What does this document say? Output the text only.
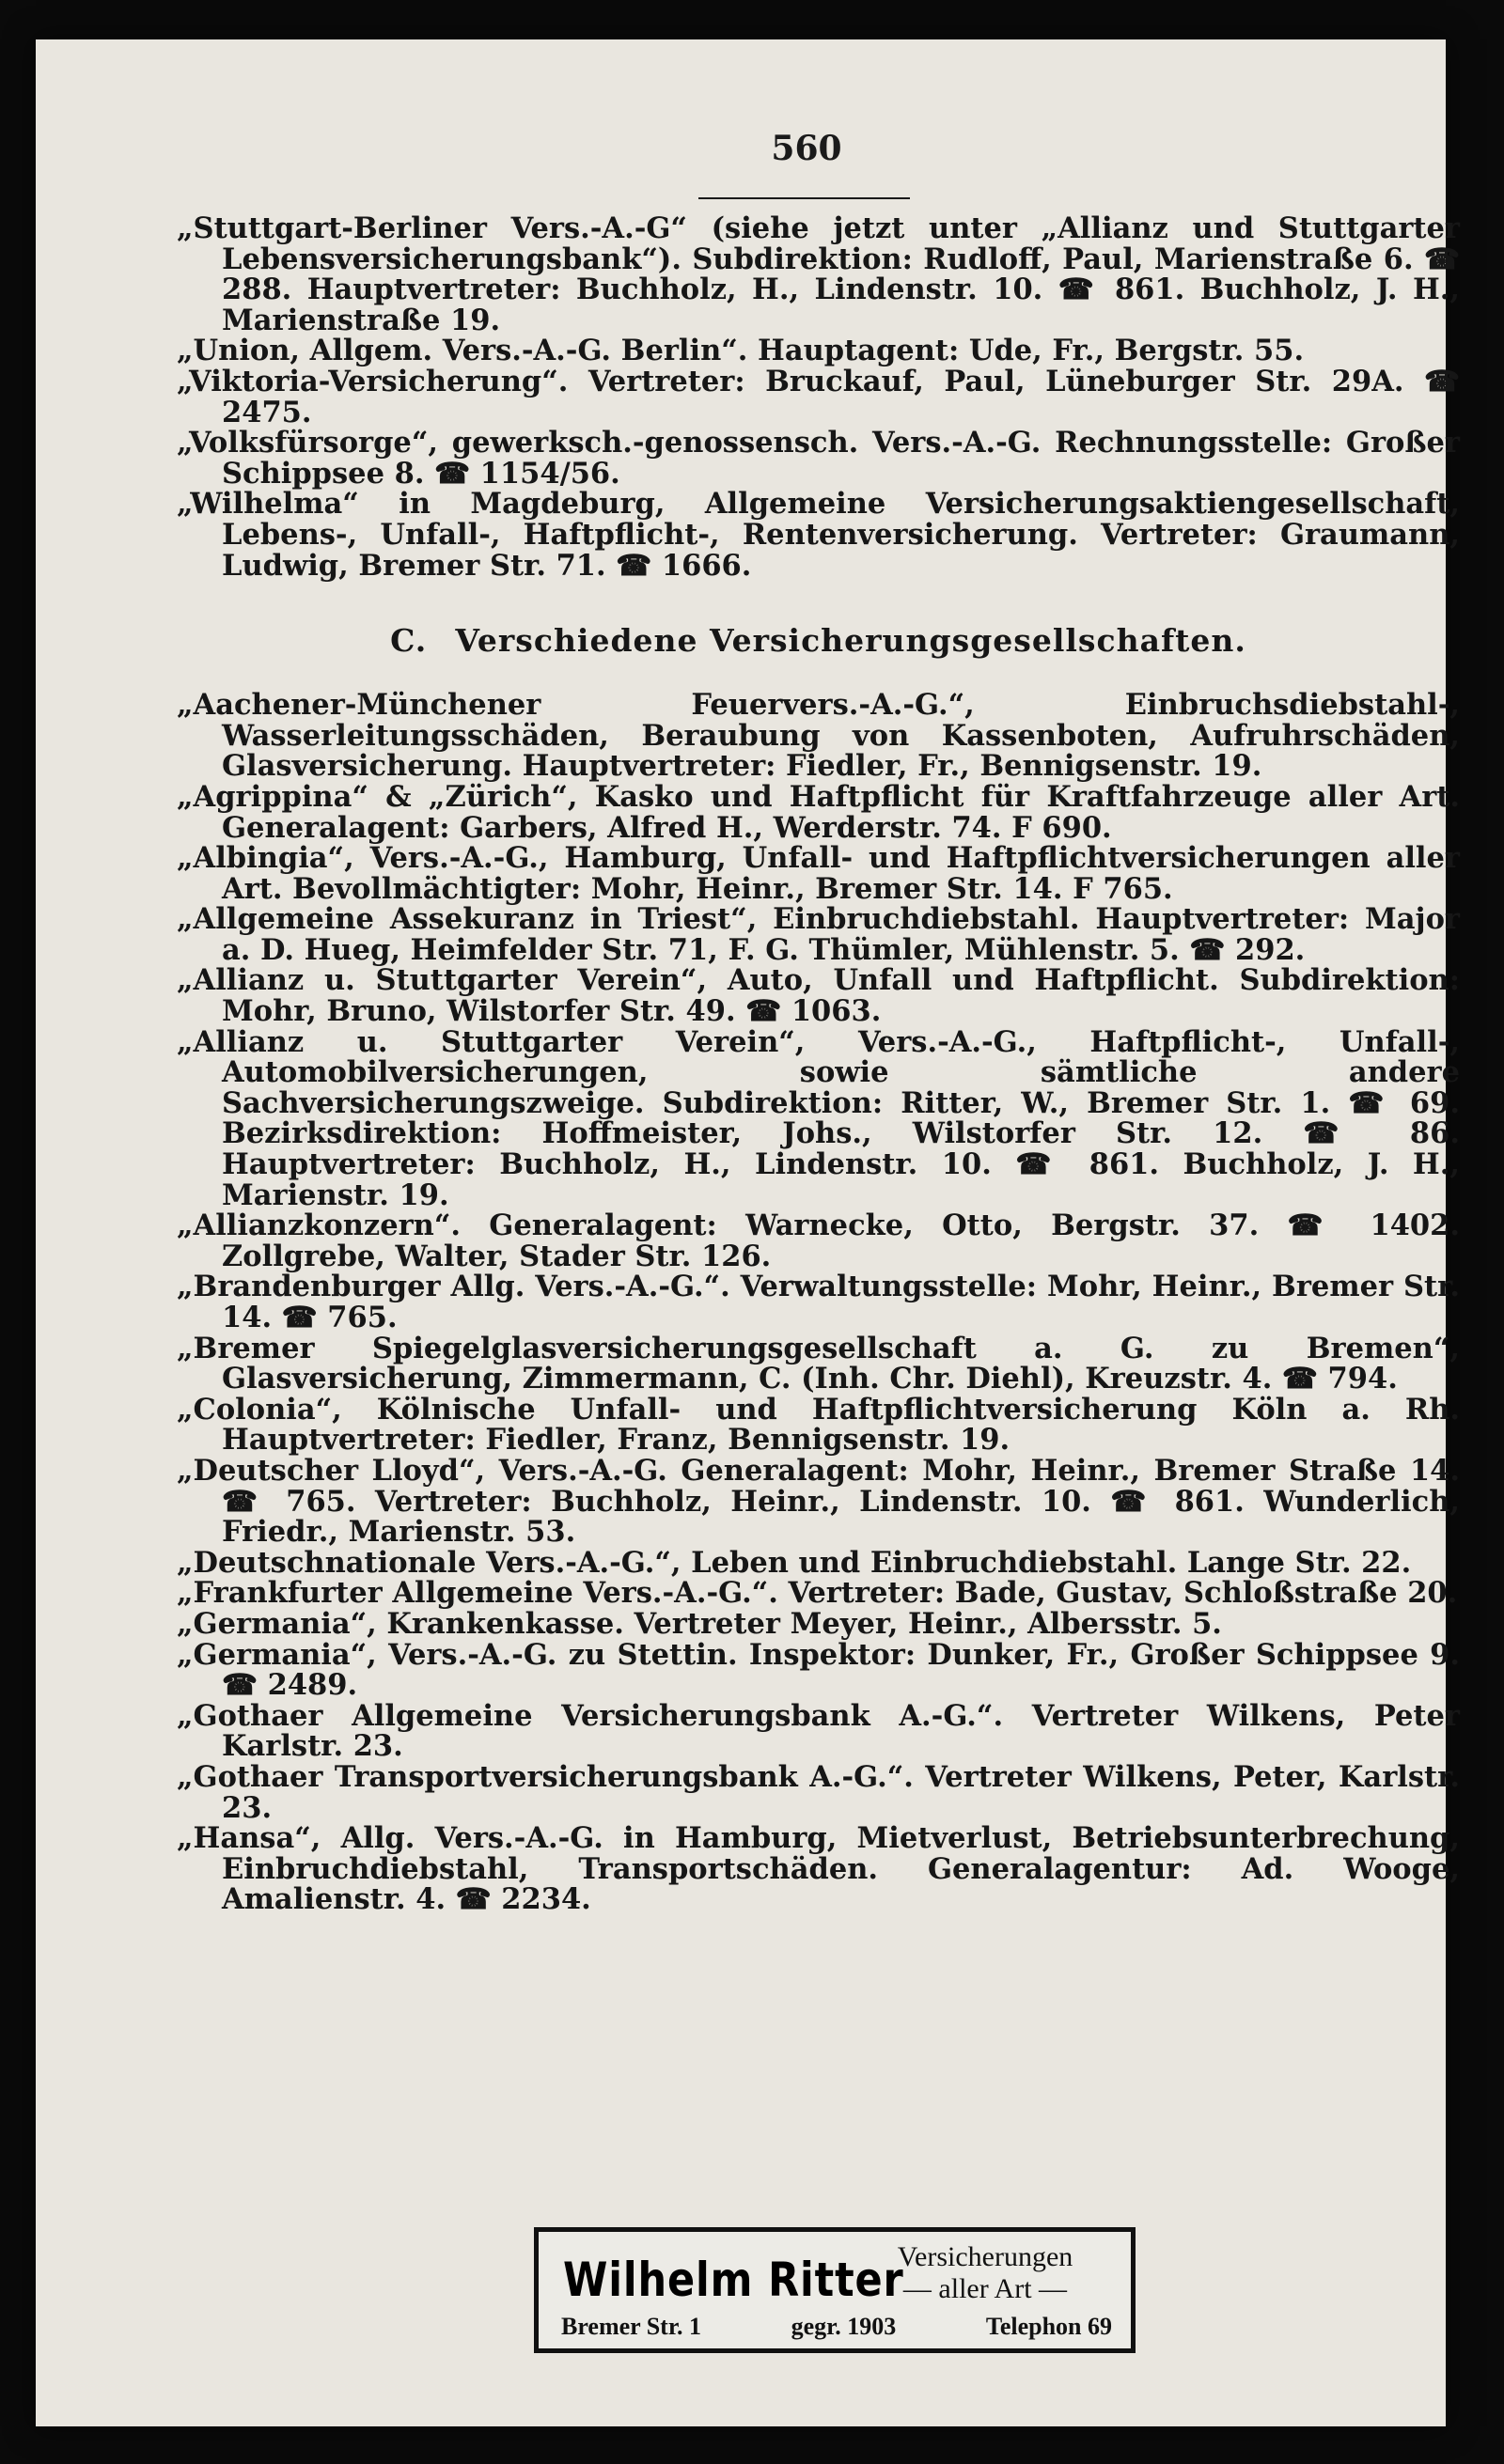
560

„Stuttgart-Berliner Vers.-A.-G“ (siehe jetzt unter „Allianz und Stuttgarter Lebensversicherungsbank“). Subdirektion: Rudloff, Paul, Marienstraße 6. ☎ 288. Hauptvertreter: Buchholz, H., Lindenstr. 10. ☎ 861. Buchholz, J. H., Marienstraße 19.

„Union, Allgem. Vers.-A.-G. Berlin“. Hauptagent: Ude, Fr., Bergstr. 55.

„Viktoria-Versicherung“. Vertreter: Bruckauf, Paul, Lüneburger Str. 29A. ☎ 2475.

„Volksfürsorge“, gewerksch.-genossensch. Vers.-A.-G. Rechnungsstelle: Großer Schippsee 8. ☎ 1154/56.

„Wilhelma“ in Magdeburg, Allgemeine Versicherungsaktiengesellschaft, Lebens-, Unfall-, Haftpflicht-, Rentenversicherung. Vertreter: Graumann, Ludwig, Bremer Str. 71. ☎ 1666.

C. Verschiedene Versicherungsgesellschaften.

„Aachener-Münchener Feuervers.-A.-G.“, Einbruchsdiebstahl-, Wasserleitungsschäden, Beraubung von Kassenboten, Aufruhrschäden, Glasversicherung. Hauptvertreter: Fiedler, Fr., Bennigsenstr. 19.

„Agrippina“ & „Zürich“, Kasko und Haftpflicht für Kraftfahrzeuge aller Art. Generalagent: Garbers, Alfred H., Werderstr. 74. F 690.

„Albingia“, Vers.-A.-G., Hamburg, Unfall- und Haftpflichtversicherungen aller Art. Bevollmächtigter: Mohr, Heinr., Bremer Str. 14. F 765.

„Allgemeine Assekuranz in Triest“, Einbruchdiebstahl. Hauptvertreter: Major a. D. Hueg, Heimfelder Str. 71, F. G. Thümler, Mühlenstr. 5. ☎ 292.

„Allianz u. Stuttgarter Verein“, Auto, Unfall und Haftpflicht. Subdirektion: Mohr, Bruno, Wilstorfer Str. 49. ☎ 1063.

„Allianz u. Stuttgarter Verein“, Vers.-A.-G., Haftpflicht-, Unfall-, Automobilversicherungen, sowie sämtliche andere Sachversicherungszweige. Subdirektion: Ritter, W., Bremer Str. 1. ☎ 69. Bezirksdirektion: Hoffmeister, Johs., Wilstorfer Str. 12. ☎ 86. Hauptvertreter: Buchholz, H., Lindenstr. 10. ☎ 861. Buchholz, J. H., Marienstr. 19.

„Allianzkonzern“. Generalagent: Warnecke, Otto, Bergstr. 37. ☎ 1402. Zollgrebe, Walter, Stader Str. 126.

„Brandenburger Allg. Vers.-A.-G.“. Verwaltungsstelle: Mohr, Heinr., Bremer Str. 14. ☎ 765.

„Bremer Spiegelglasversicherungsgesellschaft a. G. zu Bremen“, Glasversicherung, Zimmermann, C. (Inh. Chr. Diehl), Kreuzstr. 4. ☎ 794.

„Colonia“, Kölnische Unfall- und Haftpflichtversicherung Köln a. Rh. Hauptvertreter: Fiedler, Franz, Bennigsenstr. 19.

„Deutscher Lloyd“, Vers.-A.-G. Generalagent: Mohr, Heinr., Bremer Straße 14. ☎ 765. Vertreter: Buchholz, Heinr., Lindenstr. 10. ☎ 861. Wunderlich, Friedr., Marienstr. 53.

„Deutschnationale Vers.-A.-G.“, Leben und Einbruchdiebstahl. Lange Str. 22.

„Frankfurter Allgemeine Vers.-A.-G.“. Vertreter: Bade, Gustav, Schloßstraße 20.

„Germania“, Krankenkasse. Vertreter Meyer, Heinr., Albersstr. 5.

„Germania“, Vers.-A.-G. zu Stettin. Inspektor: Dunker, Fr., Großer Schippsee 9. ☎ 2489.

„Gothaer Allgemeine Versicherungsbank A.-G.“. Vertreter Wilkens, Peter Karlstr. 23.

„Gothaer Transportversicherungsbank A.-G.“. Vertreter Wilkens, Peter, Karlstr. 23.

„Hansa“, Allg. Vers.-A.-G. in Hamburg, Mietverlust, Betriebsunterbrechung, Einbruchdiebstahl, Transportschäden. Generalagentur: Ad. Wooge, Amalienstr. 4. ☎ 2234.

Wilhelm Ritter
Versicherungen
— aller Art —
Bremer Str. 1	gegr. 1903	Telephon 69
